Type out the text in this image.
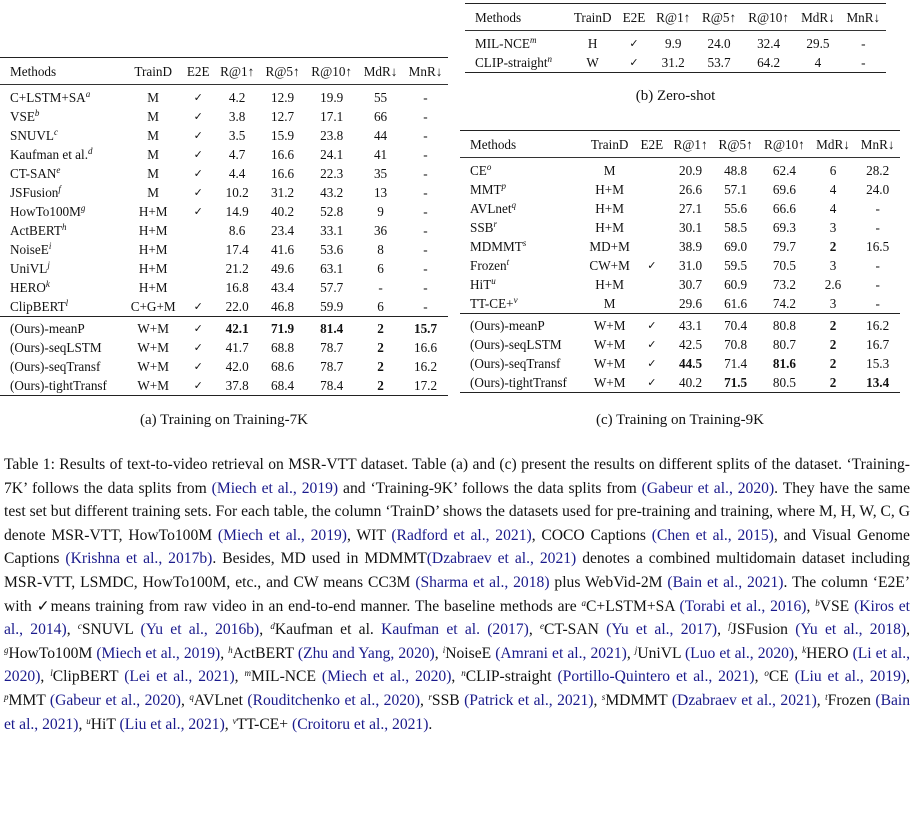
Methods	TrainD	E2E	R@1↑	R@5↑	R@10↑	MdR↓	MnR↓
$C+LSTM+SA^a$	M	✓	4.2	12.9	19.9	55	-
VSE$^b$	M	✓	3.8	12.7	17.1	66	-
SNUVL$^c$	M	✓	3.5	15.9	23.8	44	-
Kaufman et al.$^d$	M	✓	4.7	16.6	24.1	41	-
CT-SAN$^e$	M	✓	4.4	16.6	22.3	35	-
JSFusion$^f$	M	✓	10.2	31.2	43.2	13	-
$HowTo100M^g$	H+M	✓	14.9	40.2	52.8	9	-
ActBERT$^h$	H+M		8.6	23.4	33.1	36	-
NoiseE$^i$	H+M		17.4	41.6	53.6	8	-
UniVL$^j$	H+M		21.2	49.6	63.1	6	-
HERO$^k$	H+M		16.8	43.4	57.7	-	-
ClipBERT$^l$	C+G+M	✓	22.0	46.8	59.9	6	-
(Ours)-meanP	W+M	✓	42.1	71.9	81.4	2	15.7
(Ours)-seqLSTM	W+M	✓	41.7	68.8	78.7	2	16.6
(Ours)-seqTransf	W+M	✓	42.0	68.6	78.7	2	16.2
(Ours)-tightTransf	W+M	✓	37.8	68.4	78.4	2	17.2
(a) Training on Training-7K
Methods	TrainD	E2E	R@1↑	R@5↑	R@10↑	MdR↓	MnR↓
MIL-NCE$^m$	H	✓	9.9	24.0	32.4	29.5	-
CLIP-straight$^n$	W	✓	31.2	53.7	64.2	4	-
(b) Zero-shot
Methods	TrainD	E2E	R@1↑	R@5↑	R@10↑	MdR↓	MnR↓
$CE^o$	M		20.9	48.8	62.4	6	28.2
MMT$^p$	H+M		26.6	57.1	69.6	4	24.0
AVLnet$^q$	H+M		27.1	55.6	66.6	4	-
SSB$^r$	H+M		30.1	58.5	69.3	3	-
MDMMT$^s$	MD+M		38.9	69.0	79.7	2	16.5
Frozen$^t$	CW+M	✓	31.0	59.5	70.5	3	-
HiT$^u$	H+M		30.7	60.9	73.2	2.6	-
TT-CE+$^v$	M		29.6	61.6	74.2	3	-
(Ours)-meanP	W+M	✓	43.1	70.4	80.8	2	16.2
(Ours)-seqLSTM	W+M	✓	42.5	70.8	80.7	2	16.7
(Ours)-seqTransf	W+M	✓	44.5	71.4	81.6	2	15.3
(Ours)-tightTransf	W+M	✓	40.2	71.5	80.5	2	13.4
(c) Training on Training-9K
Table 1: Results of text-to-video retrieval on MSR-VTT dataset. Table (a) and (c) present the results on different splits of the dataset. ‘Training-7K’ follows the data splits from (Miech et al., 2019) and ‘Training-9K’ follows the data splits from (Gabeur et al., 2020). They have the same test set but different training sets. For each table, the column ‘TrainD’ shows the datasets used for pre-training and training, where M, H, W, C, G denote MSR-VTT, HowTo100M (Miech et al., 2019), WIT (Radford et al., 2021), COCO Captions (Chen et al., 2015), and Visual Genome Captions (Krishna et al., 2017b). Besides, MD used in MDMMT(Dzabraev et al., 2021) denotes a combined multidomain dataset including MSR-VTT, LSMDC, HowTo100M, etc., and CW means CC3M (Sharma et al., 2018) plus WebVid-2M (Bain et al., 2021). The column ‘E2E’ with ✓means training from raw video in an end-to-end manner. The baseline methods are $^a$C+LSTM+SA (Torabi et al., 2016), $^b$VSE (Kiros et al., 2014), $^c$SNUVL (Yu et al., 2016b), $^d$Kaufman et al. Kaufman et al. (2017), $^e$CT-SAN (Yu et al., 2017), $^f$JSFusion (Yu et al., 2018), $^g$HowTo100M (Miech et al., 2019), $^h$ActBERT (Zhu and Yang, 2020), $^i$NoiseE (Amrani et al., 2021), $^j$UniVL (Luo et al., 2020), $^k$HERO (Li et al., 2020), $^l$ClipBERT (Lei et al., 2021), $^m$MIL-NCE (Miech et al., 2020), $^n$CLIP-straight (Portillo-Quintero et al., 2021), $^o$CE (Liu et al., 2019), $^p$MMT (Gabeur et al., 2020), $^q$AVLnet (Rouditchenko et al., 2020), $^r$SSB (Patrick et al., 2021), $^s$MDMMT (Dzabraev et al., 2021), $^t$Frozen (Bain et al., 2021), $^u$HiT (Liu et al., 2021), $^v$TT-CE+ (Croitoru et al., 2021).
